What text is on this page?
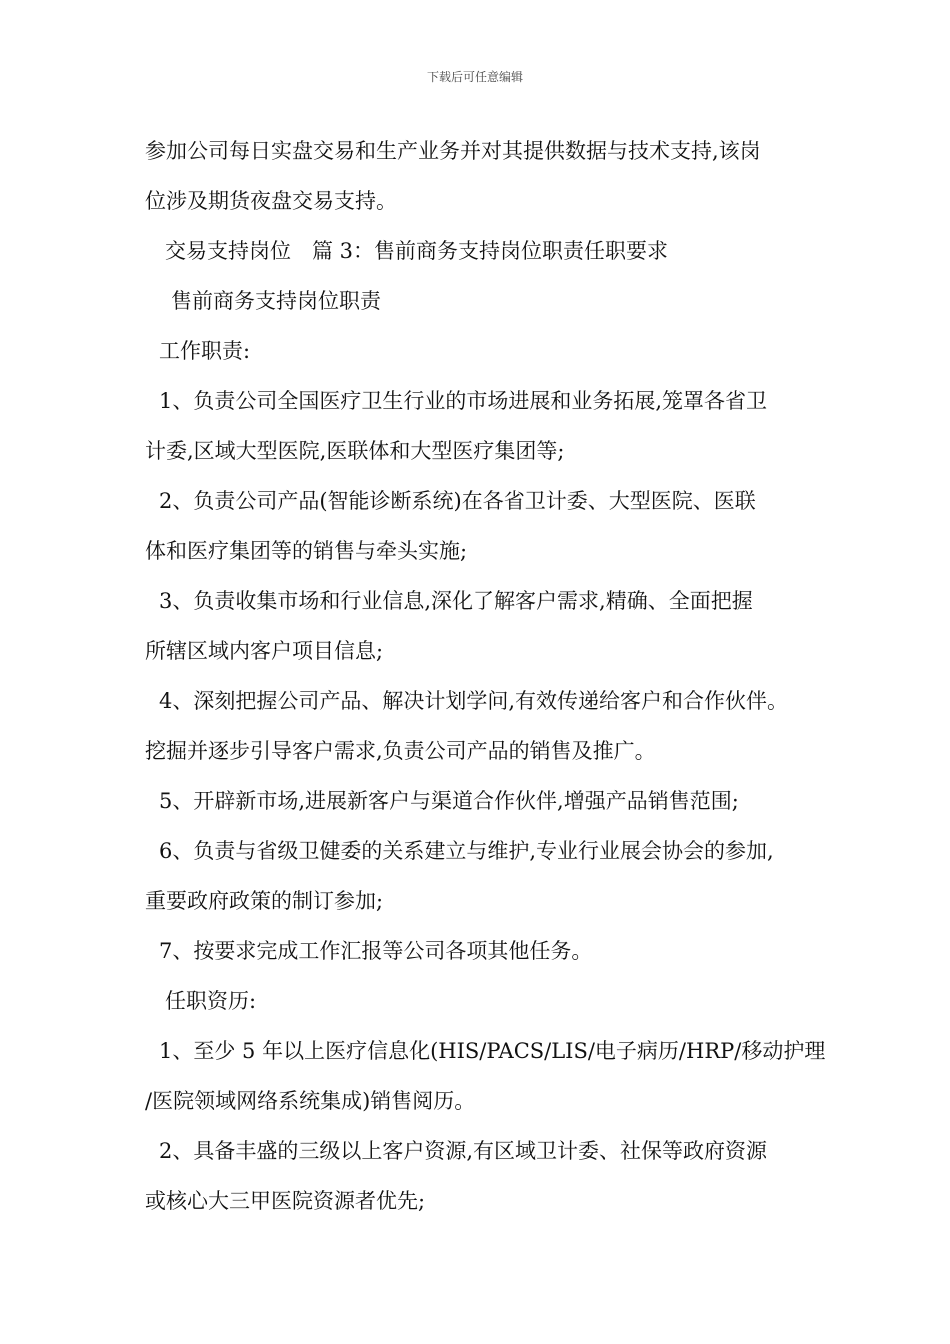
下载后可任意编辑
参加公司每日实盘交易和生产业务并对其提供数据与技术支持,该岗
位涉及期货夜盘交易支持。
交易支持岗位　篇 3：售前商务支持岗位职责任职要求
售前商务支持岗位职责
工作职责:
1、负责公司全国医疗卫生行业的市场进展和业务拓展,笼罩各省卫
计委,区域大型医院,医联体和大型医疗集团等;
2、负责公司产品(智能诊断系统)在各省卫计委、大型医院、医联
体和医疗集团等的销售与牵头实施;
3、负责收集市场和行业信息,深化了解客户需求,精确、全面把握
所辖区域内客户项目信息;
4、深刻把握公司产品、解决计划学问,有效传递给客户和合作伙伴。
挖掘并逐步引导客户需求,负责公司产品的销售及推广。
5、开辟新市场,进展新客户与渠道合作伙伴,增强产品销售范围;
6、负责与省级卫健委的关系建立与维护,专业行业展会协会的参加,
重要政府政策的制订参加;
7、按要求完成工作汇报等公司各项其他任务。
任职资历:
1、至少 5 年以上医疗信息化(HIS/PACS/LIS/电子病历/HRP/移动护理
/医院领域网络系统集成)销售阅历。
2、具备丰盛的三级以上客户资源,有区域卫计委、社保等政府资源
或核心大三甲医院资源者优先;
